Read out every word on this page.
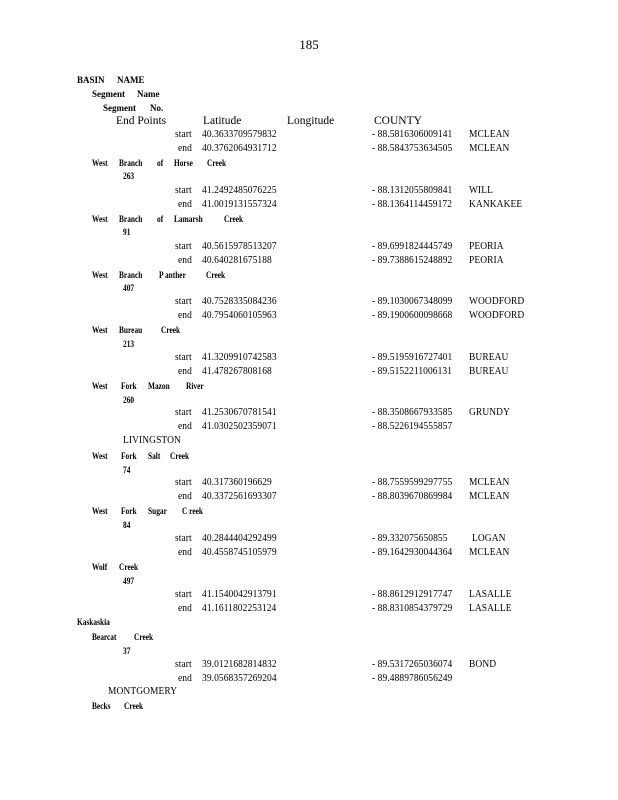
185
BASIN NAME
Segment Name
Segment No.
End Points	Latitude	Longitude	COUNTY
start 40.3633709579832	- 88.5816306009141 MCLEAN
end 40.3762064931712	- 88.5843753634505 MCLEAN
West Branch of Horse Creek
263
start 41.2492485076225	- 88.1312055809841 WILL
end 41.0019131557324	- 88.1364114459172 KANKAKEE
West Branch of Lamarsh Creek
91
start 40.5615978513207	- 89.6991824445749 PEORIA
end 40.640281675188	- 89.7388615248892 PEORIA
West Branch P anther Creek
407
start 40.7528335084236	- 89.1030067348099 WOODFORD
end 40.7954060105963	- 89.1900600098668 WOODFORD
West Bureau Creek
213
start 41.3209910742583	- 89.5195916727401 BUREAU
end 41.478267808168	- 89.5152211006131 BUREAU
West Fork Mazon River
260
start 41.2530670781541	- 88.3508667933585 GRUNDY
end 41.0302502359071	- 88.5226194555857
LIVINGSTON
West Fork Salt Creek
74
start 40.317360196629	- 88.7559599297755 MCLEAN
end 40.3372561693307	- 88.8039670869984 MCLEAN
West Fork Sugar C reek
84
start 40.2844404292499	- 89.332075650855 LOGAN
end 40.4558745105979	- 89.1642930044364 MCLEAN
Wolf Creek
497
start 41.1540042913791	- 88.8612912917747 LASALLE
end 41.1611802253124	- 88.8310854379729 LASALLE
Kaskaskia
Bearcat Creek
37
start 39.0121682814832	- 89.5317265036074 BOND
end 39.0568357269204	- 89.4889786056249
MONTGOMERY
Becks Creek
